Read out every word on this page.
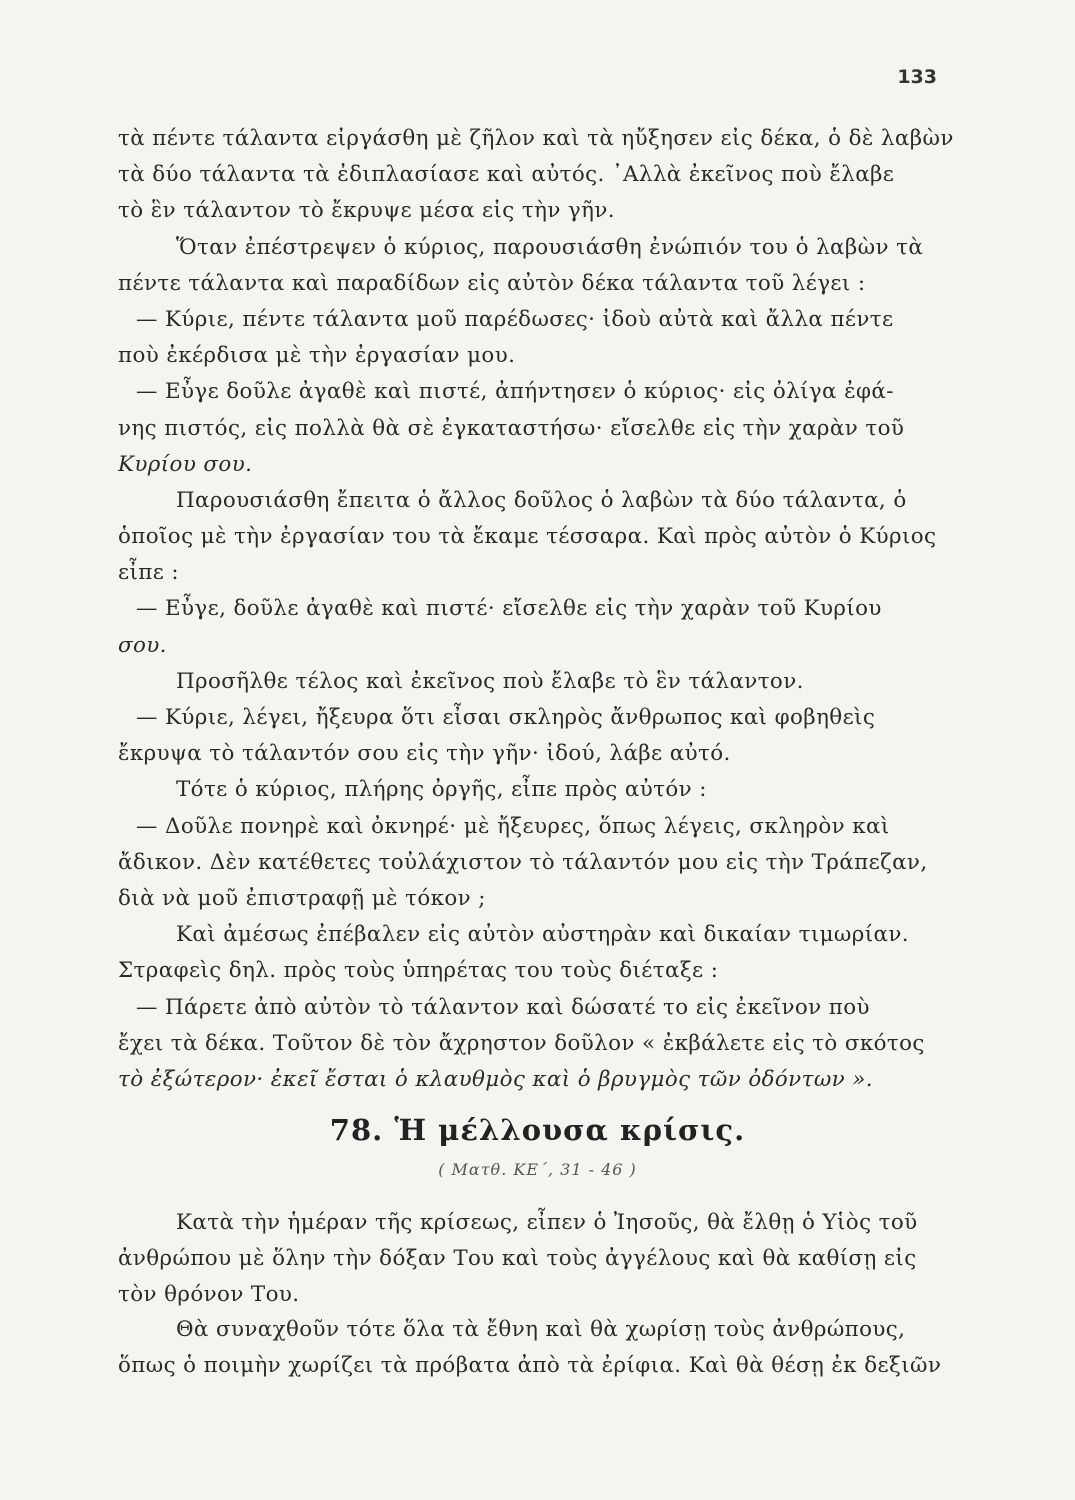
133
τὰ πέντε τάλαντα εἰργάσθη μὲ ζῆλον καὶ τὰ ηὔξησεν εἰς δέκα, ὁ δὲ λαβὼν
τὰ δύο τάλαντα τὰ ἐδιπλασίασε καὶ αὐτός. ᾿Αλλὰ ἐκεῖνος ποὺ ἔλαβε
τὸ ἓν τάλαντον τὸ ἔκρυψε μέσα εἰς τὴν γῆν.
Ὅταν ἐπέστρεψεν ὁ κύριος, παρουσιάσθη ἐνώπιόν του ὁ λαβὼν τὰ
πέντε τάλαντα καὶ παραδίδων εἰς αὐτὸν δέκα τάλαντα τοῦ λέγει :
— Κύριε, πέντε τάλαντα μοῦ παρέδωσες· ἰδοὺ αὐτὰ καὶ ἄλλα πέντε
ποὺ ἐκέρδισα μὲ τὴν ἐργασίαν μου.
— Εὖγε δοῦλε ἀγαθὲ καὶ πιστέ, ἀπήντησεν ὁ κύριος· εἰς ὀλίγα ἐφά-
νης πιστός, εἰς πολλὰ θὰ σὲ ἐγκαταστήσω· εἴσελθε εἰς τὴν χαρὰν τοῦ
Κυρίου σου.
Παρουσιάσθη ἔπειτα ὁ ἄλλος δοῦλος ὁ λαβὼν τὰ δύο τάλαντα, ὁ
ὁποῖος μὲ τὴν ἐργασίαν του τὰ ἔκαμε τέσσαρα. Καὶ πρὸς αὐτὸν ὁ Κύριος
εἶπε :
— Εὖγε, δοῦλε ἀγαθὲ καὶ πιστέ· εἴσελθε εἰς τὴν χαρὰν τοῦ Κυρίου
σου.
Προσῆλθε τέλος καὶ ἐκεῖνος ποὺ ἔλαβε τὸ ἓν τάλαντον.
— Κύριε, λέγει, ἤξευρα ὅτι εἶσαι σκληρὸς ἄνθρωπος καὶ φοβηθεὶς
ἔκρυψα τὸ τάλαντόν σου εἰς τὴν γῆν· ἰδού, λάβε αὐτό.
Τότε ὁ κύριος, πλήρης ὀργῆς, εἶπε πρὸς αὐτόν :
— Δοῦλε πονηρὲ καὶ ὀκνηρέ· μὲ ἤξευρες, ὅπως λέγεις, σκληρὸν καὶ
ἄδικον. Δὲν κατέθετες τοὐλάχιστον τὸ τάλαντόν μου εἰς τὴν Τράπεζαν,
διὰ νὰ μοῦ ἐπιστραφῇ μὲ τόκον ;
Καὶ ἀμέσως ἐπέβαλεν εἰς αὐτὸν αὐστηρὰν καὶ δικαίαν τιμωρίαν.
Στραφεὶς δηλ. πρὸς τοὺς ὑπηρέτας του τοὺς διέταξε :
— Πάρετε ἀπὸ αὐτὸν τὸ τάλαντον καὶ δώσατέ το εἰς ἐκεῖνον ποὺ
ἔχει τὰ δέκα. Τοῦτον δὲ τὸν ἄχρηστον δοῦλον « ἐκβάλετε εἰς τὸ σκότος
τὸ ἐξώτερον· ἐκεῖ ἔσται ὁ κλαυθμὸς καὶ ὁ βρυγμὸς τῶν ὀδόντων ».
78. Ἡ μέλλουσα κρίσις.
( Ματθ. ΚΕ΄, 31 - 46 )
Κατὰ τὴν ἡμέραν τῆς κρίσεως, εἶπεν ὁ Ἰησοῦς, θὰ ἔλθῃ ὁ Υἱὸς τοῦ
ἀνθρώπου μὲ ὅλην τὴν δόξαν Του καὶ τοὺς ἀγγέλους καὶ θὰ καθίσῃ εἰς
τὸν θρόνον Του.
Θὰ συναχθοῦν τότε ὅλα τὰ ἔθνη καὶ θὰ χωρίσῃ τοὺς ἀνθρώπους,
ὅπως ὁ ποιμὴν χωρίζει τὰ πρόβατα ἀπὸ τὰ ἐρίφια. Καὶ θὰ θέσῃ ἐκ δεξιῶν
